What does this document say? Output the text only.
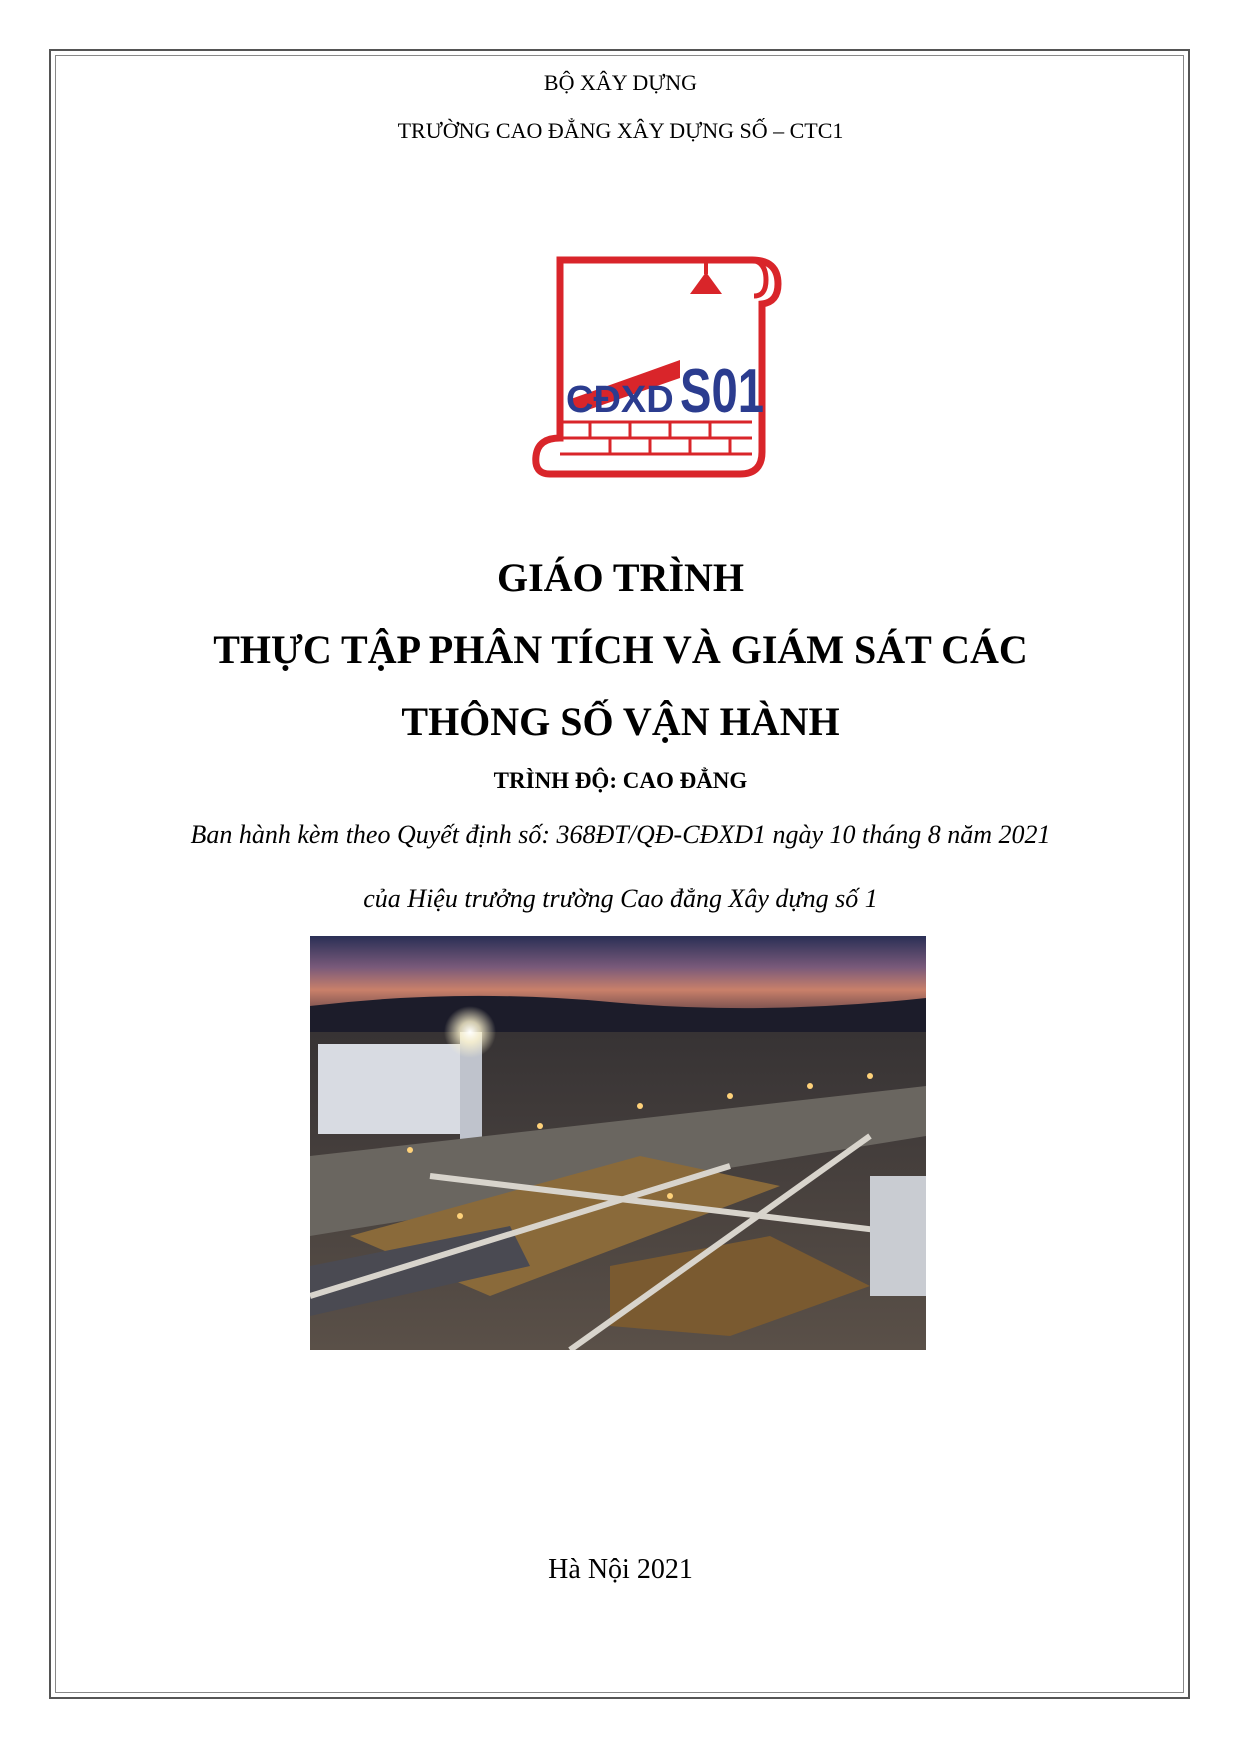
BỘ XÂY DỰNG

TRƯỜNG CAO ĐẲNG XÂY DỰNG SỐ – CTC1

CĐXD S01

GIÁO TRÌNH

THỰC TẬP PHÂN TÍCH VÀ GIÁM SÁT CÁC

THÔNG SỐ VẬN HÀNH

TRÌNH ĐỘ: CAO ĐẲNG

Ban hành kèm theo Quyết định số: 368ĐT/QĐ-CĐXD1 ngày 10 tháng 8 năm 2021

của Hiệu trưởng trường Cao đẳng Xây dựng số 1

Hà Nội 2021
